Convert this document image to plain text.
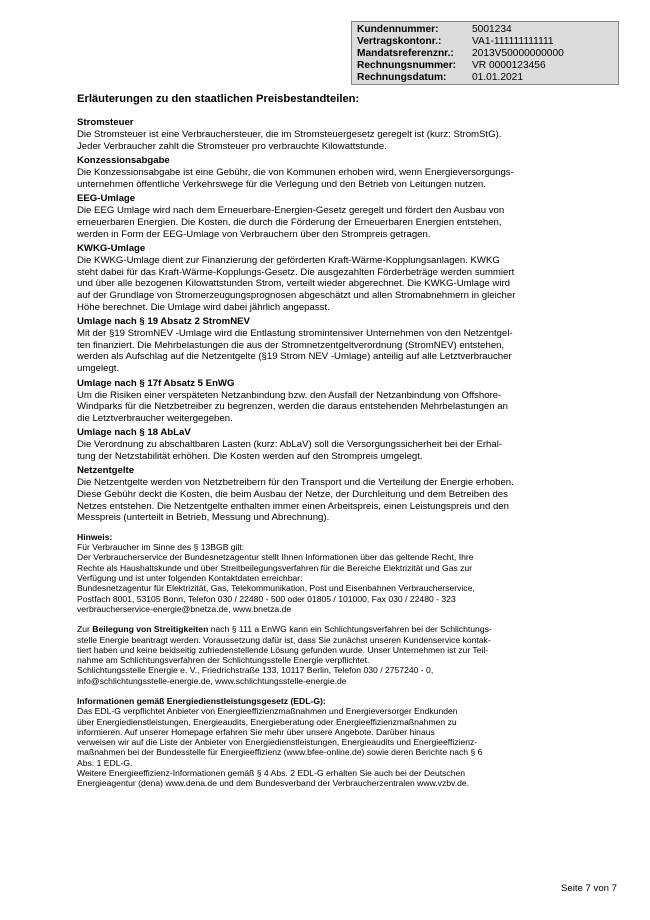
Kundennummer:	5001234
Vertragskontonr.:	VA1-111111111111
Mandatsreferenznr.:	2013V50000000000
Rechnungsnummer:	VR 0000123456
Rechnungsdatum:	01.01.2021
Erläuterungen zu den staatlichen Preisbestandteilen:
Stromsteuer
Die Stromsteuer ist eine Verbrauchersteuer, die im Stromsteuergesetz geregelt ist (kurz: StromStG).
Jeder Verbraucher zahlt die Stromsteuer pro verbrauchte Kilowattstunde.
Konzessionsabgabe
Die Konzessionsabgabe ist eine Gebühr, die von Kommunen erhoben wird, wenn Energieversorgungs-
unternehmen öffentliche Verkehrswege für die Verlegung und den Betrieb von Leitungen nutzen.
EEG-Umlage
Die EEG Umlage wird nach dem Erneuerbare-Energien-Gesetz geregelt und fördert den Ausbau von
erneuerbaren Energien. Die Kosten, die durch die Förderung der Erneuerbaren Energien entstehen,
werden in Form der EEG-Umlage von Verbrauchern über den Strompreis getragen.
KWKG-Umlage
Die KWKG-Umlage dient zur Finanzierung der geförderten Kraft-Wärme-Kopplungsanlagen. KWKG
steht dabei für das Kraft-Wärme-Kopplungs-Gesetz. Die ausgezahlten Förderbeträge werden summiert
und über alle bezogenen Kilowattstunden Strom, verteilt wieder abgerechnet. Die KWKG-Umlage wird
auf der Grundlage von Stromerzeugungsprognosen abgeschätzt und allen Stromabnehmern in gleicher
Höhe berechnet. Die Umlage wird dabei jährlich angepasst.
Umlage nach § 19 Absatz 2 StromNEV
Mit der §19 StromNEV -Umlage wird die Entlastung stromintensiver Unternehmen von den Netzentgel-
ten finanziert. Die Mehrbelastungen die aus der Stromnetzentgeltverordnung (StromNEV) entstehen,
werden als Aufschlag auf die Netzentgelte (§19 Strom NEV -Umlage) anteilig auf alle Letztverbraucher
umgelegt.
Umlage nach § 17f Absatz 5 EnWG
Um die Risiken einer verspäteten Netzanbindung bzw. den Ausfall der Netzanbindung von Offshore-
Windparks für die Netzbetreiber zu begrenzen, werden die daraus entstehenden Mehrbelastungen an
die Letztverbraucher weitergegeben.
Umlage nach § 18 AbLaV
Die Verordnung zu abschaltbaren Lasten (kurz: AbLaV) soll die Versorgungssicherheit bei der Erhal-
tung der Netzstabilität erhöhen. Die Kosten werden auf den Strompreis umgelegt.
Netzentgelte
Die Netzentgelte werden von Netzbetreibern für den Transport und die Verteilung der Energie erhoben.
Diese Gebühr deckt die Kosten, die beim Ausbau der Netze, der Durchleitung und dem Betreiben des
Netzes entstehen. Die Netzentgelte enthalten immer einen Arbeitspreis, einen Leistungspreis und den
Messpreis (unterteilt in Betrieb, Messung und Abrechnung).
Hinweis:
Für Verbraucher im Sinne des § 13BGB gilt:
Der Verbraucherservice der Bundesnetzagentur stellt Ihnen Informationen über das geltende Recht, Ihre
Rechte als Haushaltskunde und über Streitbeilegungsverfahren für die Bereiche Elektrizität und Gas zur
Verfügung und ist unter folgenden Kontaktdaten erreichbar:
Bundesnetzagentur für Elektrizität, Gas, Telekommunikation, Post und Eisenbahnen Verbraucherservice,
Postfach 8001, 53105 Bonn, Telefon 030 / 22480 - 500 oder 01805 / 101000, Fax 030 / 22480 - 323
verbraucherservice-energie@bnetza.de, www.bnetza.de
Zur Beilegung von Streitigkeiten nach § 111 a EnWG kann ein Schlichtungsverfahren bei der Schlichtungs-
stelle Energie beantragt werden. Voraussetzung dafür ist, dass Sie zunächst unseren Kundenservice kontak-
tiert haben und keine beidseitig zufriedenstellende Lösung gefunden wurde. Unser Unternehmen ist zur Teil-
nahme am Schlichtungsverfahren der Schlichtungsstelle Energie verpflichtet.
Schlichtungsstelle Energie e. V., Friedrichstraße 133, 10117 Berlin, Telefon 030 / 2757240 - 0,
info@schlichtungsstelle-energie.de, www.schlichtungsstelle-energie.de
Informationen gemäß Energiedienstleistungsgesetz (EDL-G):
Das EDL-G verpflichtet Anbieter von Energieeffizienzmaßnahmen und Energieversorger Endkunden
über Energiedienstleistungen, Energieaudits, Energieberatung oder Energieeffizienzmaßnahmen zu
informieren. Auf unserer Homepage erfahren Sie mehr über unsere Angebote. Darüber hinaus
verweisen wir auf die Liste der Anbieter von Energiedienstleistungen, Energieaudits und Energieeffizienz-
maßnahmen bei der Bundesstelle für Energieeffizienz (www.bfee-online.de) sowie deren Berichte nach § 6
Abs. 1 EDL-G.
Weitere Energieeffizienz-Informationen gemäß § 4 Abs. 2 EDL-G erhalten Sie auch bei der Deutschen
Energieagentur (dena) www.dena.de und dem Bundesverband der Verbraucherzentralen www.vzbv.de.
Seite 7 von 7
